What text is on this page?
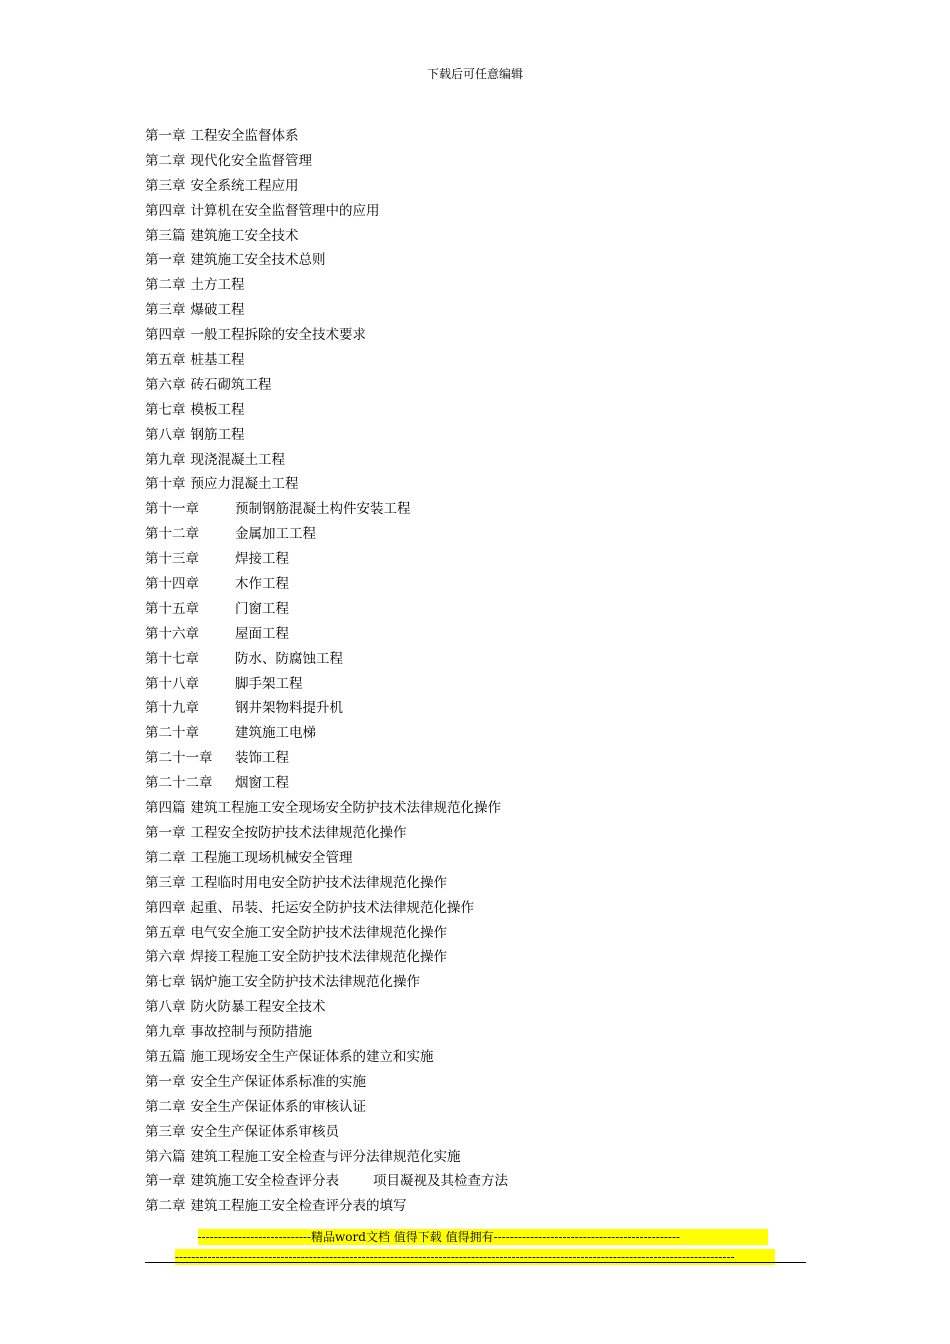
下载后可任意编辑
第一章 工程安全监督体系
第二章 现代化安全监督管理
第三章 安全系统工程应用
第四章 计算机在安全监督管理中的应用
第三篇 建筑施工安全技术
第一章 建筑施工安全技术总则
第二章 土方工程
第三章 爆破工程
第四章 一般工程拆除的安全技术要求
第五章 桩基工程
第六章 砖石砌筑工程
第七章 模板工程
第八章 钢筋工程
第九章 现浇混凝土工程
第十章 预应力混凝土工程
第十一章	预制钢筋混凝土构件安装工程
第十二章	金属加工工程
第十三章	焊接工程
第十四章	木作工程
第十五章	门窗工程
第十六章	屋面工程
第十七章	防水、防腐蚀工程
第十八章	脚手架工程
第十九章	钢井架物料提升机
第二十章	建筑施工电梯
第二十一章 装饰工程
第二十二章 烟窗工程
第四篇 建筑工程施工安全现场安全防护技术法律规范化操作
第一章 工程安全按防护技术法律规范化操作
第二章 工程施工现场机械安全管理
第三章 工程临时用电安全防护技术法律规范化操作
第四章 起重、吊装、托运安全防护技术法律规范化操作
第五章 电气安全施工安全防护技术法律规范化操作
第六章 焊接工程施工安全防护技术法律规范化操作
第七章 锅炉施工安全防护技术法律规范化操作
第八章 防火防暴工程安全技术
第九章 事故控制与预防措施
第五篇 施工现场安全生产保证体系的建立和实施
第一章 安全生产保证体系标准的实施
第二章 安全生产保证体系的审核认证
第三章 安全生产保证体系审核员
第六篇 建筑工程施工安全检查与评分法律规范化实施
第一章 建筑施工安全检查评分表	项目凝视及其检查方法
第二章 建筑工程施工安全检查评分表的填写
----------------------------精品word文档 值得下载 值得拥有----------------------------------------------
------------------------------------------------------------------------------------------------------------------------------------------
